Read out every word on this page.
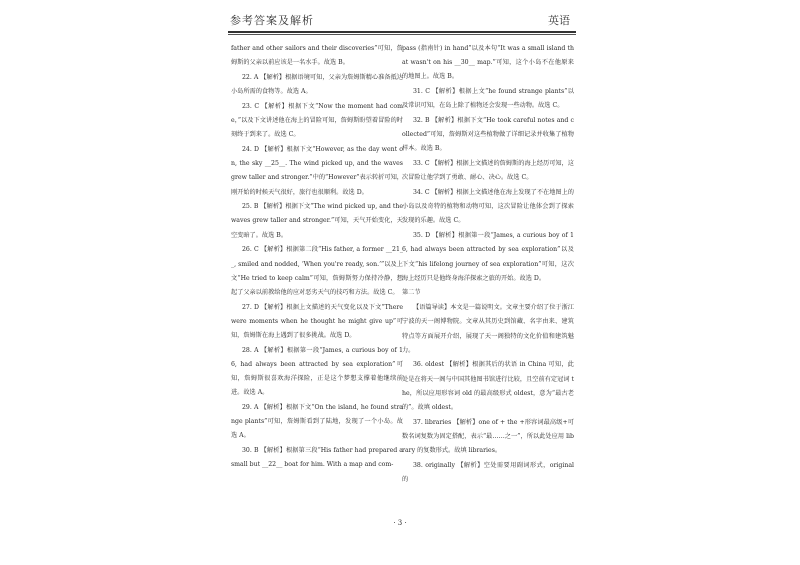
参考答案及解析	英语

father and other sailors and their discoveries”可知，詹姆斯的父亲以前应该是一名水手。故选 B。

22. A 【解析】根据语境可知，父亲为詹姆斯精心准备抵达小岛所需的食物等。故选 A。

23. C 【解析】根据下文“Now the moment had come，”以及下文讲述他在海上的冒险可知，詹姆斯盼望着冒险的时刻终于到来了。故选 C。

24. D 【解析】根据下文“However, as the day went on, the sky __25__. The wind picked up, and the waves grew taller and stronger.”中的“However”表示转折可知，刚开始的时候天气很好，旅行也很顺利。故选 D。

25. B 【解析】根据下文“The wind picked up, and the waves grew taller and stronger.”可知，天气开始变化，天空变暗了。故选 B。

26. C 【解析】根据第二段“His father, a former __21__, smiled and nodded, ‘When you're ready, son.’”以及上文“He tried to keep calm”可知，詹姆斯努力保持冷静，想起了父亲以前教给他的应对恶劣天气的技巧和方法。故选 C。

27. D 【解析】根据上文描述的天气变化以及下文“There were moments when he thought he might give up”可知，詹姆斯在海上遇到了很多挑战。故选 D。

28. A 【解析】根据第一段“James, a curious boy of 16, had always been attracted by sea exploration”可知，詹姆斯很喜欢海洋探险，正是这个梦想支撑着他继续前进。故选 A。

29. A 【解析】根据下文“On the island, he found strange plants”可知，詹姆斯看到了陆地，发现了一个小岛。故选 A。

30. B 【解析】根据第三段“His father had prepared a small but __22__ boat for him. With a map and com-

pass (指南针) in hand”以及本句“It was a small island that wasn't on his __30__ map.”可知，这个小岛不在他原来的地图上。故选 B。

31. C 【解析】根据上文“he found strange plants”以及常识可知，在岛上除了植物还会发现一些动物。故选 C。

32. B 【解析】根据下文“He took careful notes and collected”可知，詹姆斯对这些植物做了详细记录并收集了植物样本。故选 B。

33. C 【解析】根据上文描述的詹姆斯的海上经历可知，这次冒险让他学到了勇敢、耐心、决心。故选 C。

34. C 【解析】根据上文描述他在海上发现了不在地图上的小岛以及奇特的植物和动物可知，这次冒险让他体会到了探索发现的乐趣。故选 C。

35. D 【解析】根据第一段“James, a curious boy of 16, had always been attracted by sea exploration”以及下文“his lifelong journey of sea exploration”可知，这次海上经历只是他终身海洋探索之旅的开始。故选 D。

第二节

【语篇导读】本文是一篇说明文。文章主要介绍了位于浙江宁波的天一阁博物院。文章从其历史到馆藏、名字由来、建筑特点等方面展开介绍，展现了天一阁独特的文化价值和建筑魅力。

36. oldest 【解析】根据其后的状语 in China 可知，此处是在将天一阁与中国其他图书馆进行比较，且空前有定冠词 the，所以应用形容词 old 的最高级形式 oldest，意为“最古老的”。故填 oldest。

37. libraries 【解析】one of + the +形容词最高级+可数名词复数为固定搭配，表示“最……之一”，所以此处应用 library 的复数形式。故填 libraries。

38. originally 【解析】空处需要用副词形式，original 的

· 3 ·
